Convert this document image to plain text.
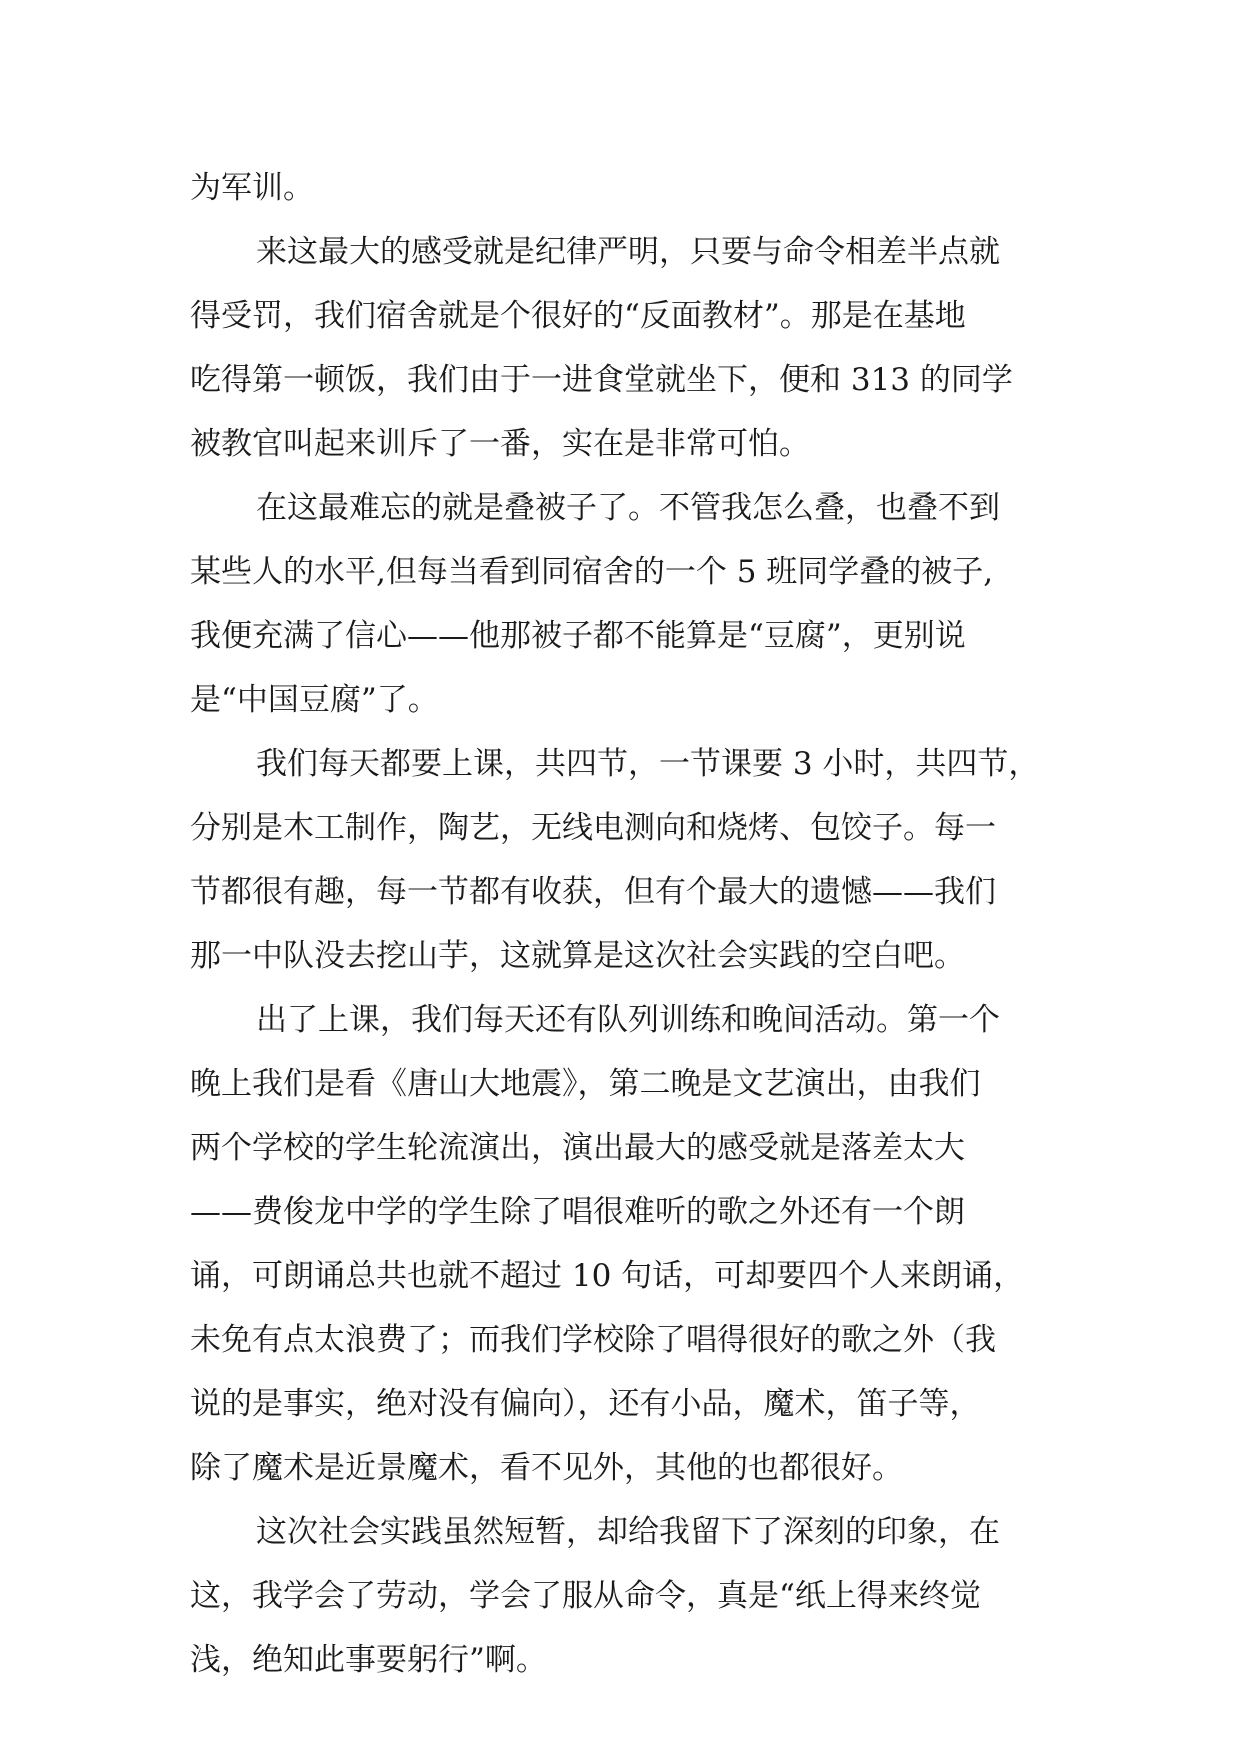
为军训。
来这最大的感受就是纪律严明，只要与命令相差半点就
得受罚，我们宿舍就是个很好的“反面教材”。那是在基地
吃得第一顿饭，我们由于一进食堂就坐下，便和 313 的同学
被教官叫起来训斥了一番，实在是非常可怕。
在这最难忘的就是叠被子了。不管我怎么叠，也叠不到
某些人的水平,但每当看到同宿舍的一个 5 班同学叠的被子,
我便充满了信心——他那被子都不能算是“豆腐”，更别说
是“中国豆腐”了。
我们每天都要上课，共四节，一节课要 3 小时，共四节，
分别是木工制作，陶艺，无线电测向和烧烤、包饺子。每一
节都很有趣，每一节都有收获，但有个最大的遗憾——我们
那一中队没去挖山芋，这就算是这次社会实践的空白吧。
出了上课，我们每天还有队列训练和晚间活动。第一个
晚上我们是看《唐山大地震》，第二晚是文艺演出，由我们
两个学校的学生轮流演出，演出最大的感受就是落差太大
——费俊龙中学的学生除了唱很难听的歌之外还有一个朗
诵，可朗诵总共也就不超过 10 句话，可却要四个人来朗诵，
未免有点太浪费了；而我们学校除了唱得很好的歌之外（我
说的是事实，绝对没有偏向），还有小品，魔术，笛子等，
除了魔术是近景魔术，看不见外，其他的也都很好。
这次社会实践虽然短暂，却给我留下了深刻的印象，在
这，我学会了劳动，学会了服从命令，真是“纸上得来终觉
浅，绝知此事要躬行”啊。
